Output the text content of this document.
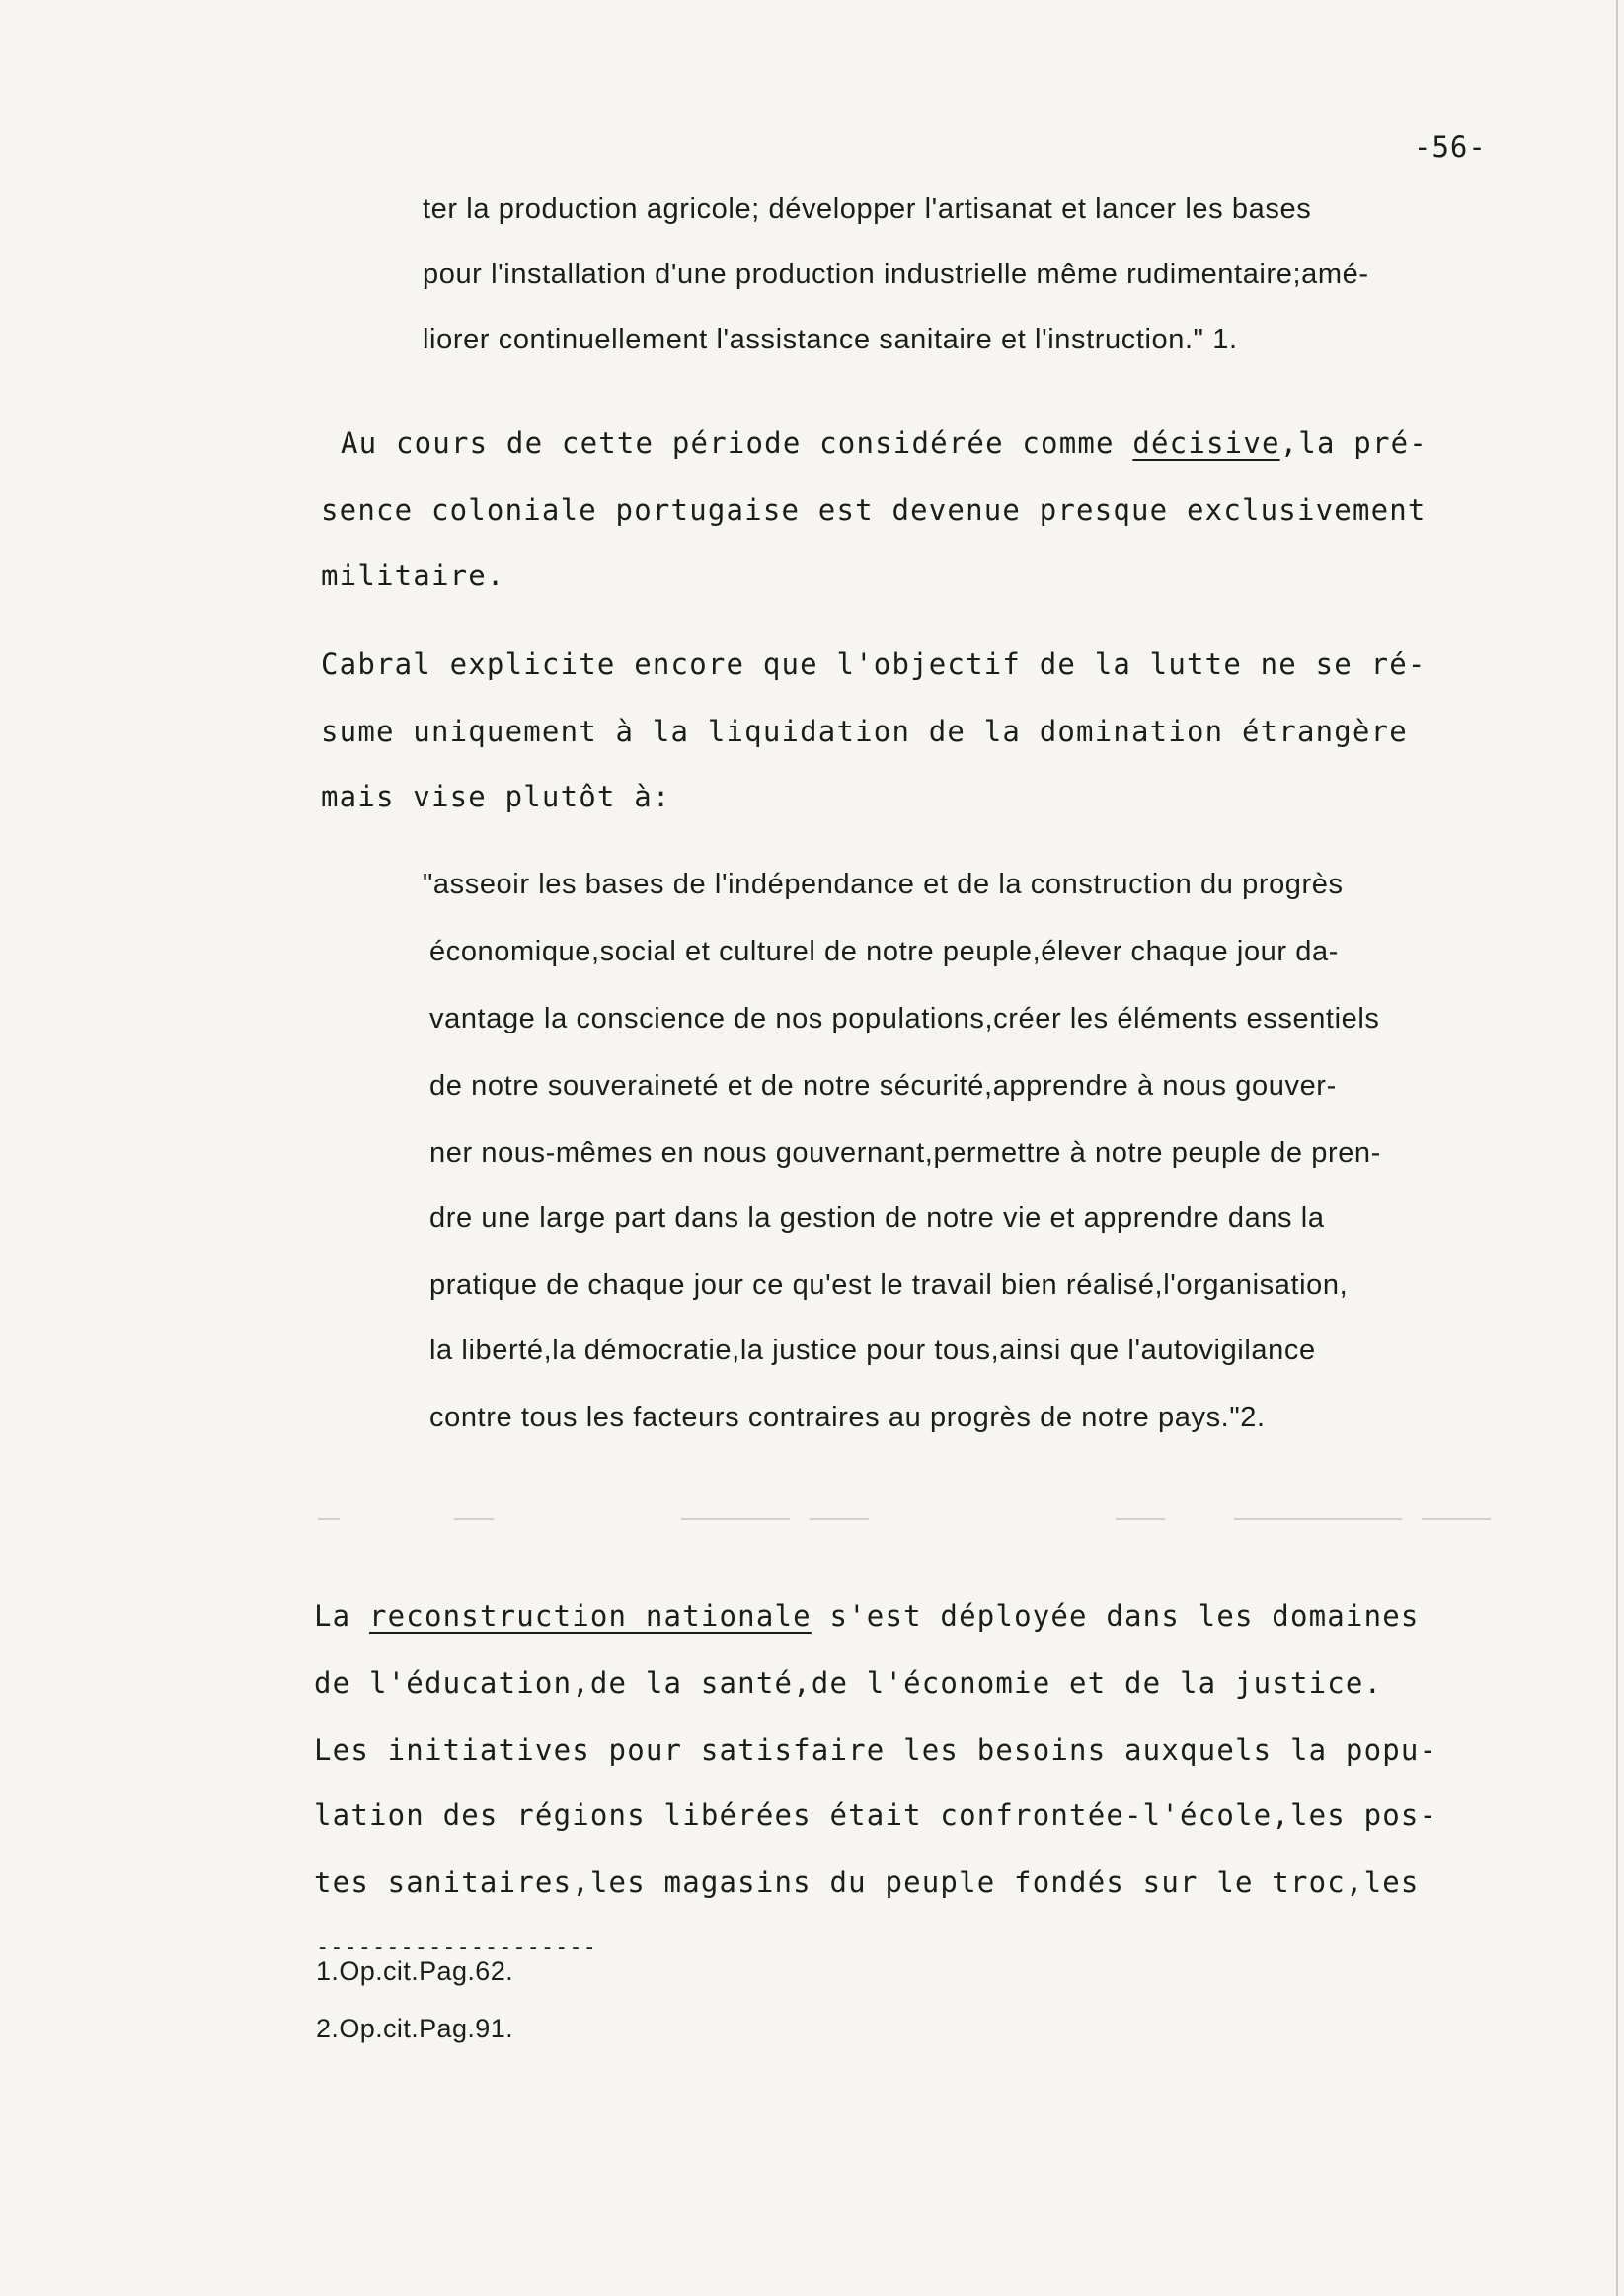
-56-
ter la production agricole; développer l'artisanat et lancer les bases
pour l'installation d'une production industrielle même rudimentaire;amé-
liorer continuellement l'assistance sanitaire et l'instruction." 1.
Au cours de cette période considérée comme décisive,la pré-
sence coloniale portugaise est devenue presque exclusivement
militaire.
Cabral explicite encore que l'objectif de la lutte ne se ré-
sume uniquement à la liquidation de la domination étrangère
mais vise plutôt à:
"asseoir les bases de l'indépendance et de la construction du progrès
économique,social et culturel de notre peuple,élever chaque jour da-
vantage la conscience de nos populations,créer les éléments essentiels
de notre souveraineté et de notre sécurité,apprendre à nous gouver-
ner nous-mêmes en nous gouvernant,permettre à notre peuple de pren-
dre une large part dans la gestion de notre vie et apprendre dans la
pratique de chaque jour ce qu'est le travail bien réalisé,l'organisation,
la liberté,la démocratie,la justice pour tous,ainsi que l'autovigilance
contre tous les facteurs contraires au progrès de notre pays."2.
La reconstruction nationale s'est déployée dans les domaines
de l'éducation,de la santé,de l'économie et de la justice.
Les initiatives pour satisfaire les besoins auxquels la popu-
lation des régions libérées était confrontée-l'école,les pos-
tes sanitaires,les magasins du peuple fondés sur le troc,les
--------------------
1.Op.cit.Pag.62.
2.Op.cit.Pag.91.
